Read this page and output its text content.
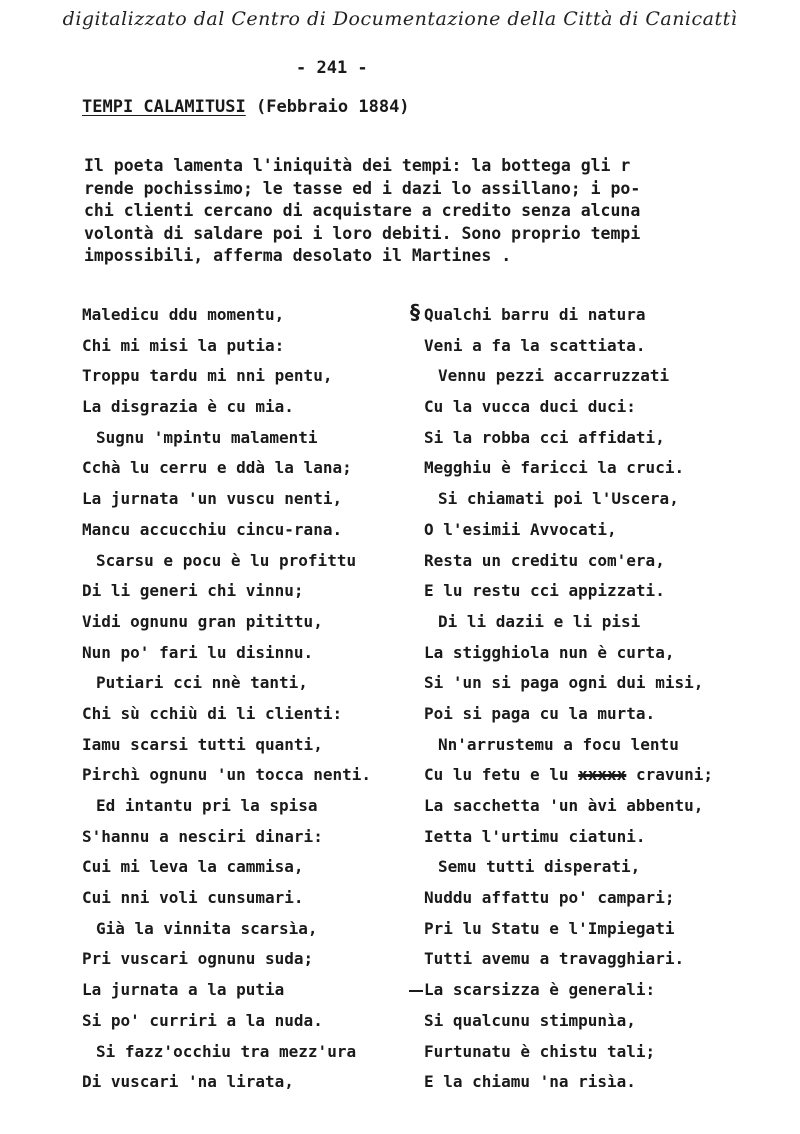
digitalizzato dal Centro di Documentazione della Città di Canicattì
- 241 -
TEMPI CALAMITUSI (Febbraio 1884)
Il poeta lamenta l'iniquità dei tempi: la bottega gli r
rende pochissimo; le tasse ed i dazi lo assillano; i po-
chi clienti cercano di acquistare a credito senza alcuna
volontà di saldare poi i loro debiti. Sono proprio tempi
impossibili, afferma desolato il Martines .
Maledicu ddu momentu,
Chi mi misi la putia:
Troppu tardu mi nni pentu,
La disgrazia è cu mia.
Sugnu 'mpintu malamenti
Cchà lu cerru e ddà la lana;
La jurnata 'un vuscu nenti,
Mancu accucchiu cincu-rana.
Scarsu e pocu è lu profittu
Di li generi chi vinnu;
Vidi ognunu gran pitittu,
Nun po' fari lu disinnu.
Putiari cci nnè tanti,
Chi sù cchiù di li clienti:
Iamu scarsi tutti quanti,
Pirchì ognunu 'un tocca nenti.
Ed intantu pri la spisa
S'hannu a nesciri dinari:
Cui mi leva la cammisa,
Cui nni voli cunsumari.
Già la vinnita scarsìa,
Pri vuscari ognunu suda;
La jurnata a la putia
Si po' curriri a la nuda.
Si fazz'occhiu tra mezz'ura
Di vuscari 'na lirata,
§ Qualchi barru di natura
Veni a fa la scattiata.
Vennu pezzi accarruzzati
Cu la vucca duci duci:
Si la robba cci affidati,
Megghiu è faricci la cruci.
Si chiamati poi l'Uscera,
O l'esimii Avvocati,
Resta un creditu com'era,
E lu restu cci appizzati.
Di li dazii e li pisi
La stigghiola nun è curta,
Si 'un si paga ogni dui misi,
Poi si paga cu la murta.
Nn'arrustemu a focu lentu
Cu lu fetu e lu xxxxx cravuni;
La sacchetta 'un àvi abbentu,
Ietta l'urtimu ciatuni.
Semu tutti disperati,
Nuddu affattu po' campari;
Pri lu Statu e l'Impiegati
Tutti avemu a travagghiari.
La scarsizza è generali:
Si qualcunu stimpunìa,
Furtunatu è chistu tali;
E la chiamu 'na risìa.
